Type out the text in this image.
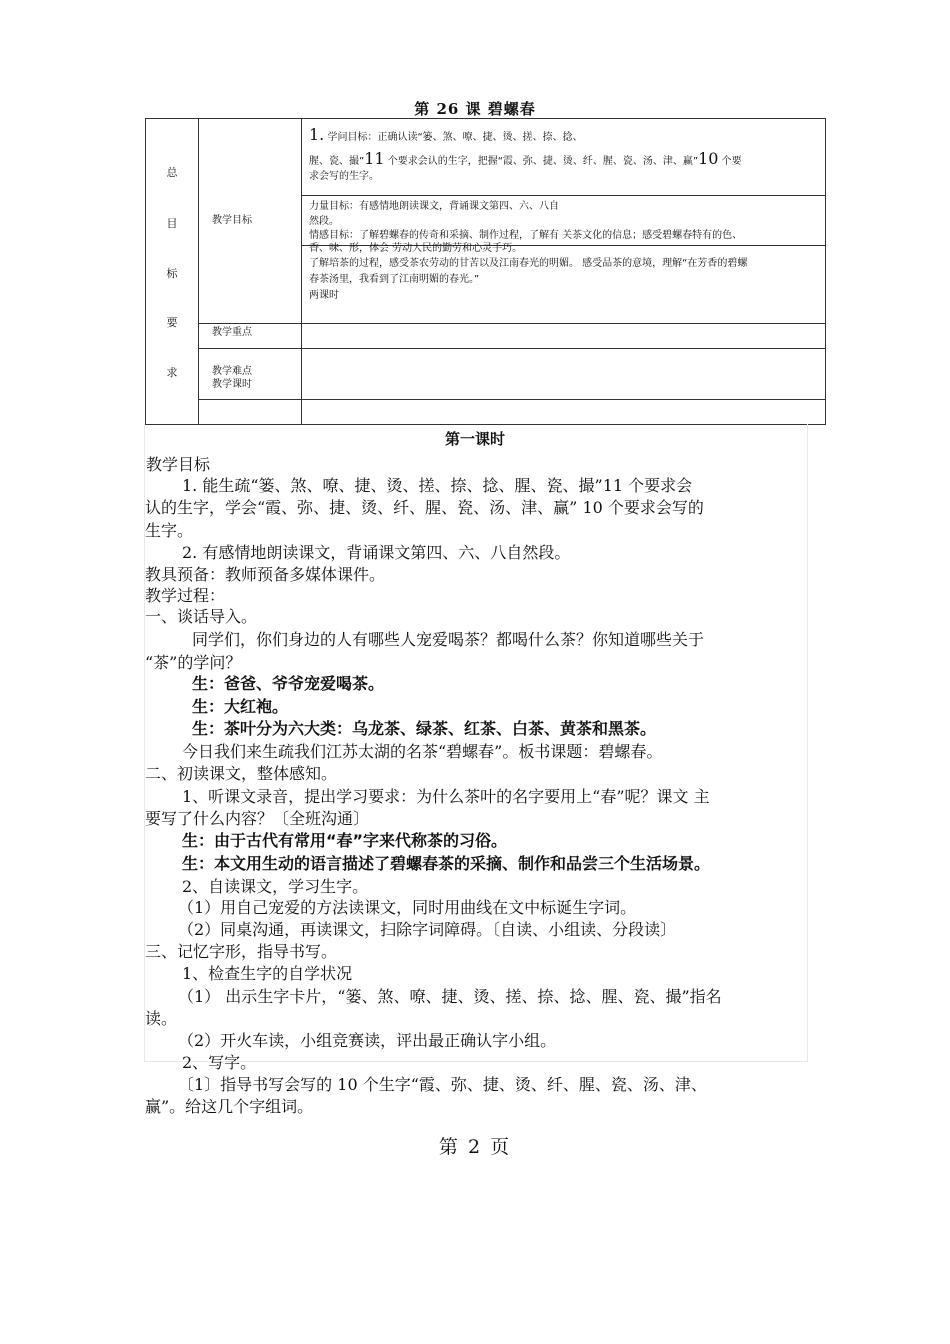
第 26 课 碧螺春
总
目
标
要
求
教学目标
教学重点
教学难点
教学课时
1. 学问目标：正确认读“篓、煞、嘹、捷、烫、搓、捺、捻、
腥、瓷、撮”11 个要求会认的生字，把握“霞、弥、捷、烫、纤、腥、瓷、汤、津、赢”10 个要
求会写的生字。
力量目标：有感情地朗读课文，背诵课文第四、六、八自
然段。
情感目标：了解碧螺春的传奇和采摘、制作过程，了解有 关茶文化的信息；感受碧螺春特有的色、
香、味、形，体会 劳动人民的勤劳和心灵手巧。
了解培茶的过程，感受茶农劳动的甘苦以及江南春光的明媚。 感受品茶的意境，理解“在芳香的碧螺
春茶汤里，我看到了江南明媚的春光。”
两课时
第一课时
教学目标
1. 能生疏“篓、煞、嘹、捷、烫、搓、捺、捻、腥、瓷、撮”11 个要求会
认的生字，学会“霞、弥、捷、烫、纤、腥、瓷、汤、津、赢” 10 个要求会写的
生字。
2. 有感情地朗读课文，背诵课文第四、六、八自然段。
教具预备：教师预备多媒体课件。
教学过程：
一、谈话导入。
同学们，你们身边的人有哪些人宠爱喝茶？都喝什么茶？你知道哪些关于
“茶”的学问？
生：爸爸、爷爷宠爱喝茶。
生：大红袍。
生：茶叶分为六大类：乌龙茶、绿茶、红茶、白茶、黄茶和黑茶。
今日我们来生疏我们江苏太湖的名茶“碧螺春”。板书课题：碧螺春。
二、初读课文，整体感知。
1、听课文录音，提出学习要求：为什么茶叶的名字要用上“春”呢？课文 主
要写了什么内容？〔全班沟通〕
生：由于古代有常用“春”字来代称茶的习俗。
生：本文用生动的语言描述了碧螺春茶的采摘、制作和品尝三个生活场景。
2、自读课文，学习生字。
（1）用自己宠爱的方法读课文，同时用曲线在文中标诞生字词。
（2）同桌沟通，再读课文，扫除字词障碍。〔自读、小组读、分段读〕
三、记忆字形，指导书写。
1、检查生字的自学状况
（1） 出示生字卡片，“篓、煞、嘹、捷、烫、搓、捺、捻、腥、瓷、撮”指名
读。
（2）开火车读，小组竞赛读，评出最正确认字小组。
2、写字。
〔1〕指导书写会写的 10 个生字“霞、弥、捷、烫、纤、腥、瓷、汤、津、
赢”。给这几个字组词。
第 2 页
